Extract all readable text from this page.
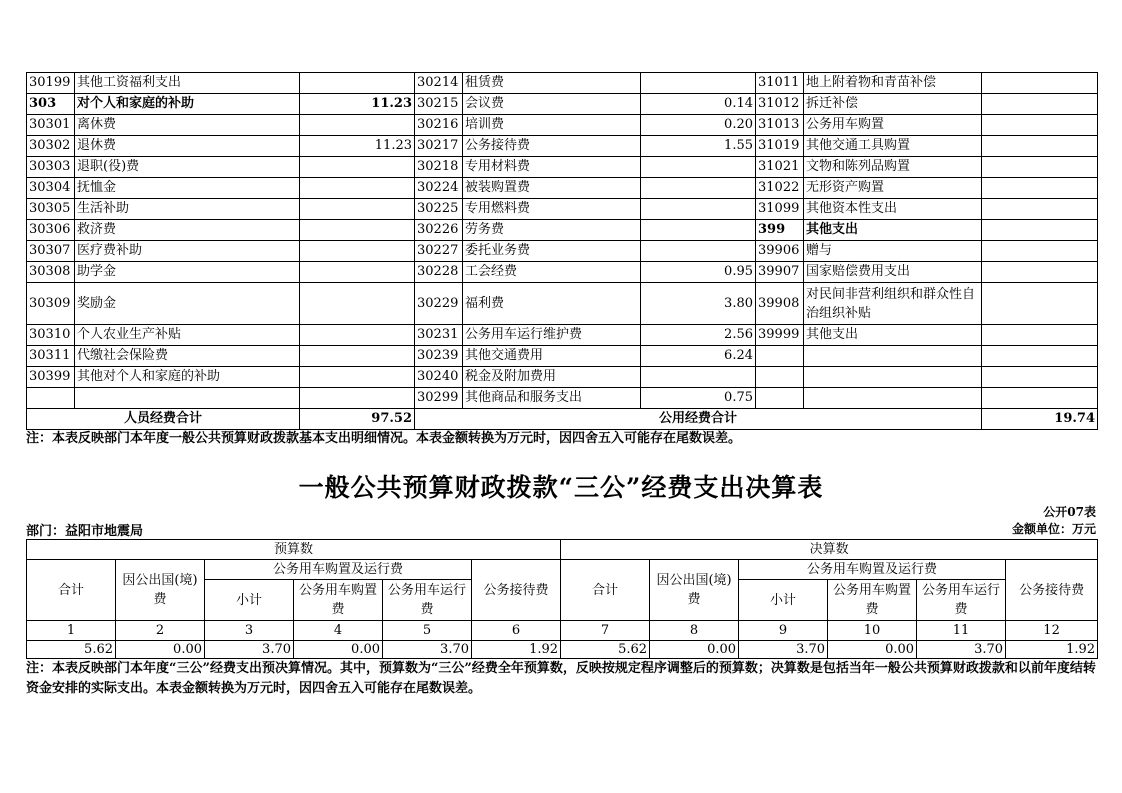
30199	其他工资福利支出		30214	租赁费		31011	地上附着物和青苗补偿	
303	对个人和家庭的补助	11.23	30215	会议费	0.14	31012	拆迁补偿	
30301	离休费		30216	培训费	0.20	31013	公务用车购置	
30302	退休费	11.23	30217	公务接待费	1.55	31019	其他交通工具购置	
30303	退职(役)费		30218	专用材料费		31021	文物和陈列品购置	
30304	抚恤金		30224	被装购置费		31022	无形资产购置	
30305	生活补助		30225	专用燃料费		31099	其他资本性支出	
30306	救济费		30226	劳务费		399	其他支出	
30307	医疗费补助		30227	委托业务费		39906	赠与	
30308	助学金		30228	工会经费	0.95	39907	国家赔偿费用支出	
30309	奖励金		30229	福利费	3.80	39908	对民间非营利组织和群众性自治组织补贴	
30310	个人农业生产补贴		30231	公务用车运行维护费	2.56	39999	其他支出	
30311	代缴社会保险费		30239	其他交通费用	6.24			
30399	其他对个人和家庭的补助		30240	税金及附加费用				
			30299	其他商品和服务支出	0.75			
人员经费合计		97.52	公用经费合计					19.74
注：本表反映部门本年度一般公共预算财政拨款基本支出明细情况。本表金额转换为万元时，因四舍五入可能存在尾数误差。
一般公共预算财政拨款“三公”经费支出决算表
公开07表
部门：益阳市地震局	金额单位：万元
预算数						决算数					
合计	因公出国(境)费	公务用车购置及运行费			公务接待费	合计	因公出国(境)费	公务用车购置及运行费			公务接待费
		小计	公务用车购置费	公务用车运行费				小计	公务用车购置费	公务用车运行费	
1	2	3	4	5	6	7	8	9	10	11	12
5.62	0.00	3.70	0.00	3.70	1.92	5.62	0.00	3.70	0.00	3.70	1.92
注：本表反映部门本年度“三公”经费支出预决算情况。其中，预算数为“三公”经费全年预算数，反映按规定程序调整后的预算数；决算数是包括当年一般公共预算财政拨款和以前年度结转资金安排的实际支出。本表金额转换为万元时，因四舍五入可能存在尾数误差。
